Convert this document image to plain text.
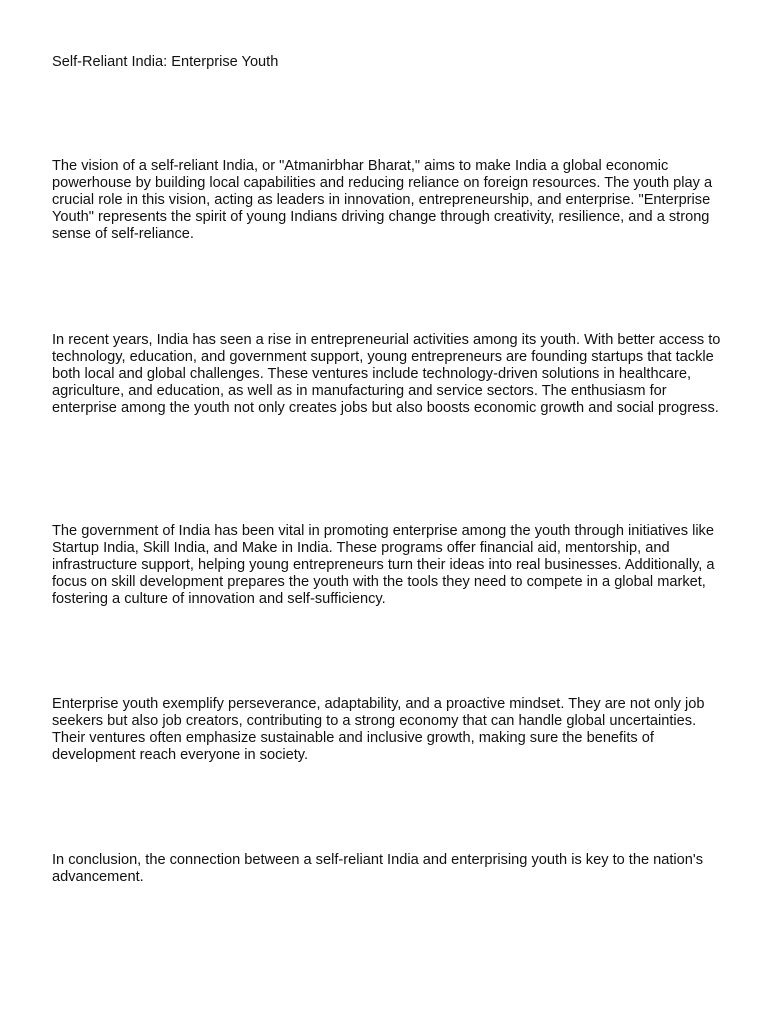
Self-Reliant India: Enterprise Youth

The vision of a self-reliant India, or "Atmanirbhar Bharat," aims to make India a global economic powerhouse by building local capabilities and reducing reliance on foreign resources. The youth play a crucial role in this vision, acting as leaders in innovation, entrepreneurship, and enterprise. "Enterprise Youth" represents the spirit of young Indians driving change through creativity, resilience, and a strong sense of self-reliance.

In recent years, India has seen a rise in entrepreneurial activities among its youth. With better access to technology, education, and government support, young entrepreneurs are founding startups that tackle both local and global challenges. These ventures include technology-driven solutions in healthcare, agriculture, and education, as well as in manufacturing and service sectors. The enthusiasm for enterprise among the youth not only creates jobs but also boosts economic growth and social progress.

The government of India has been vital in promoting enterprise among the youth through initiatives like Startup India, Skill India, and Make in India. These programs offer financial aid, mentorship, and infrastructure support, helping young entrepreneurs turn their ideas into real businesses. Additionally, a focus on skill development prepares the youth with the tools they need to compete in a global market, fostering a culture of innovation and self-sufficiency.

Enterprise youth exemplify perseverance, adaptability, and a proactive mindset. They are not only job seekers but also job creators, contributing to a strong economy that can handle global uncertainties. Their ventures often emphasize sustainable and inclusive growth, making sure the benefits of development reach everyone in society.

In conclusion, the connection between a self-reliant India and enterprising youth is key to the nation's advancement.
